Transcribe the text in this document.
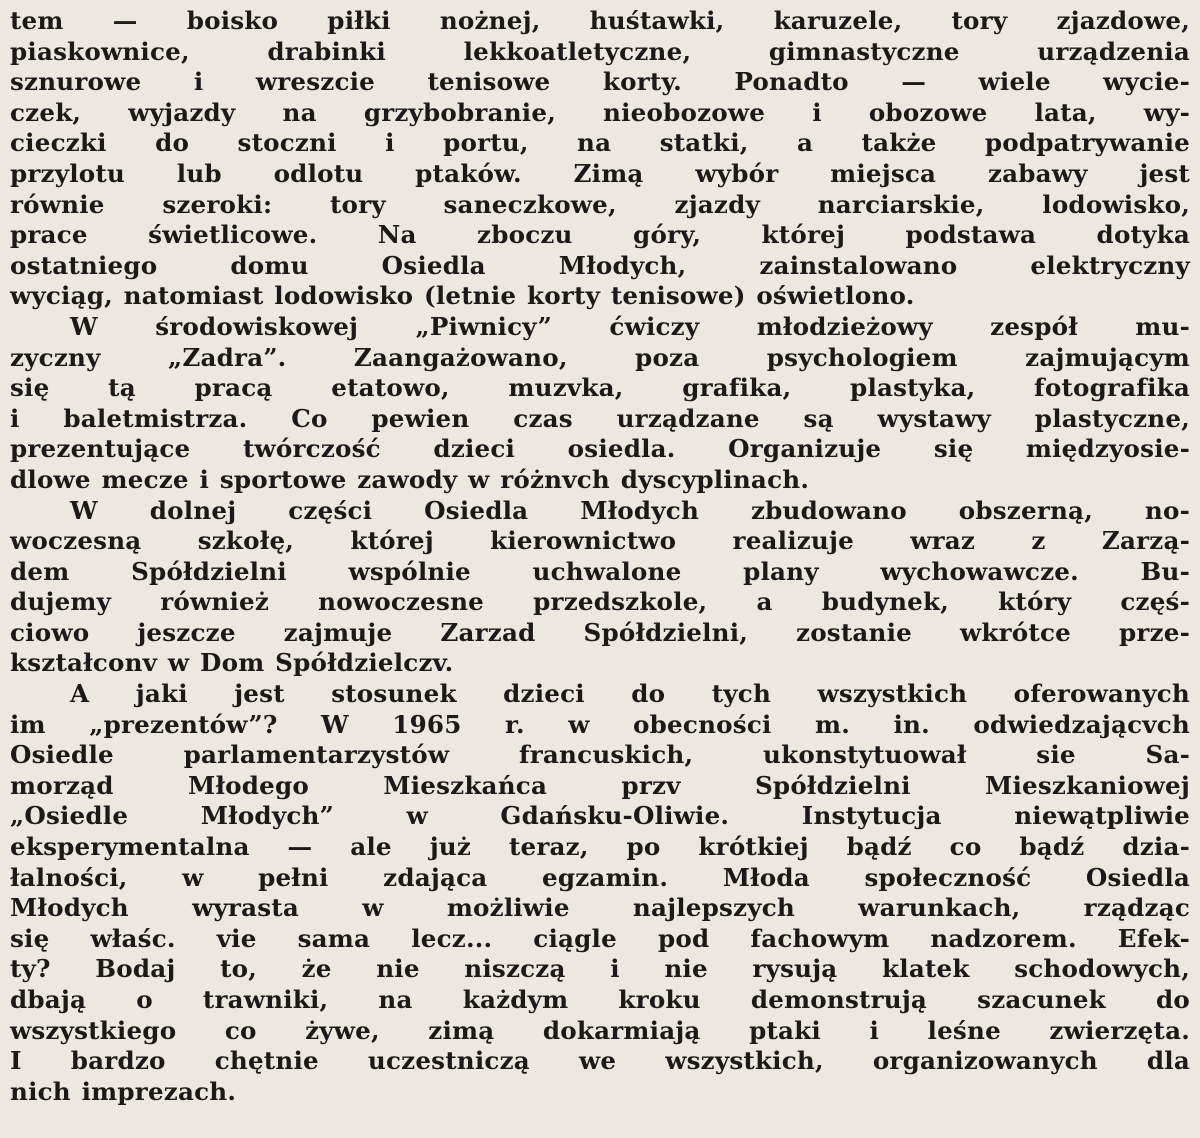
tem — boisko piłki nożnej, huśtawki, karuzele, tory zjazdowe,
piaskownice, drabinki lekkoatletyczne, gimnastyczne urządzenia
sznurowe i wreszcie tenisowe korty. Ponadto — wiele wycie-
czek, wyjazdy na grzybobranie, nieobozowe i obozowe lata, wy-
cieczki do stoczni i portu, na statki, a także podpatrywanie
przylotu lub odlotu ptaków. Zimą wybór miejsca zabawy jest
równie szeroki: tory saneczkowe, zjazdy narciarskie, lodowisko,
prace świetlicowe. Na zboczu góry, której podstawa dotyka
ostatniego domu Osiedla Młodych, zainstalowano elektryczny
wyciąg, natomiast lodowisko (letnie korty tenisowe) oświetlono.
W środowiskowej „Piwnicy” ćwiczy młodzieżowy zespół mu-
zyczny „Zadra”. Zaangażowano, poza psychologiem zajmującym
się tą pracą etatowo, muzvka, grafika, plastyka, fotografika
i baletmistrza. Co pewien czas urządzane są wystawy plastyczne,
prezentujące twórczość dzieci osiedla. Organizuje się międzyosie-
dlowe mecze i sportowe zawody w różnvch dyscyplinach.
W dolnej części Osiedla Młodych zbudowano obszerną, no-
woczesną szkołę, której kierownictwo realizuje wraz z Zarzą-
dem Spółdzielni wspólnie uchwalone plany wychowawcze. Bu-
dujemy również nowoczesne przedszkole, a budynek, który częś-
ciowo jeszcze zajmuje Zarzad Spółdzielni, zostanie wkrótce prze-
kształconv w Dom Spółdzielczv.
A jaki jest stosunek dzieci do tych wszystkich oferowanych
im „prezentów”? W 1965 r. w obecności m. in. odwiedzającvch
Osiedle parlamentarzystów francuskich, ukonstytuował sie Sa-
morząd Młodego Mieszkańca przv Spółdzielni Mieszkaniowej
„Osiedle Młodych” w Gdańsku-Oliwie. Instytucja niewątpliwie
eksperymentalna — ale już teraz, po krótkiej bądź co bądź dzia-
łalności, w pełni zdająca egzamin. Młoda społeczność Osiedla
Młodych wyrasta w możliwie najlepszych warunkach, rządząc
się właśc. vie sama lecz... ciągle pod fachowym nadzorem. Efek-
ty? Bodaj to, że nie niszczą i nie rysują klatek schodowych,
dbają o trawniki, na każdym kroku demonstrują szacunek do
wszystkiego co żywe, zimą dokarmiają ptaki i leśne zwierzęta.
I bardzo chętnie uczestniczą we wszystkich, organizowanych dla
nich imprezach.
